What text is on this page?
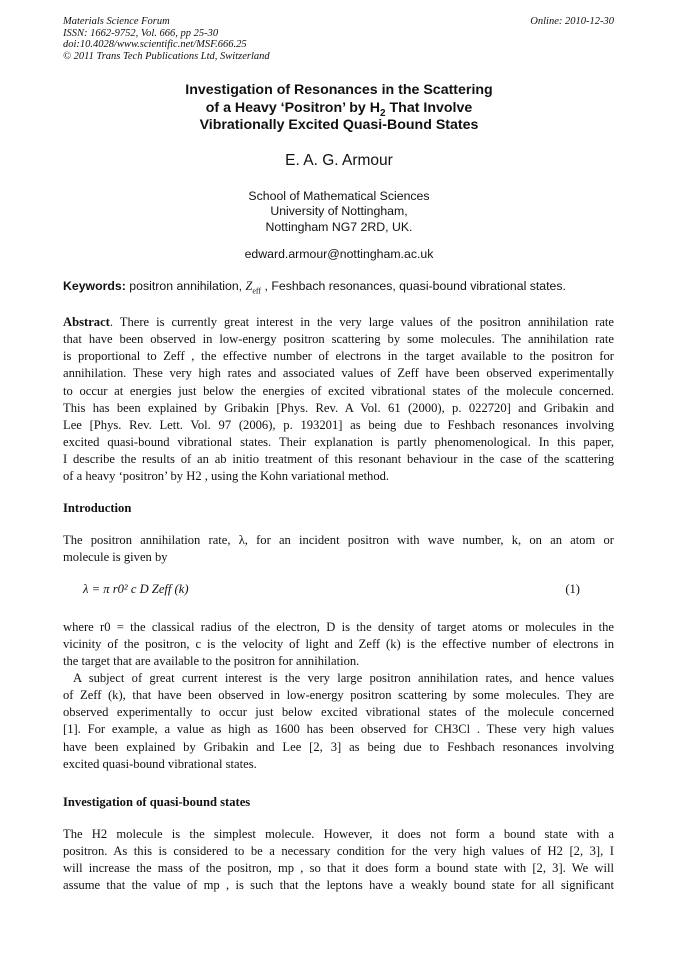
Materials Science Forum
ISSN: 1662-9752, Vol. 666, pp 25-30
doi:10.4028/www.scientific.net/MSF.666.25
© 2011 Trans Tech Publications Ltd, Switzerland
Online: 2010-12-30
Investigation of Resonances in the Scattering
of a Heavy ‘Positron’ by $H_2$ That Involve
Vibrationally Excited Quasi-Bound States
E. A. G. Armour
School of Mathematical Sciences
University of Nottingham,
Nottingham NG7 2RD, UK.
edward.armour@nottingham.ac.uk
Keywords: positron annihilation, $Z_{eff}$ , Feshbach resonances, quasi-bound vibrational states.
Abstract. There is currently great interest in the very large values of the positron annihilation rate
that have been observed in low-energy positron scattering by some molecules. The annihilation rate
is proportional to Zeff , the effective number of electrons in the target available to the positron for
annihilation. These very high rates and associated values of Zeff have been observed experimentally
to occur at energies just below the energies of excited vibrational states of the molecule concerned.
This has been explained by Gribakin [Phys. Rev. A Vol. 61 (2000), p. 022720] and Gribakin and
Lee [Phys. Rev. Lett. Vol. 97 (2006), p. 193201] as being due to Feshbach resonances involving
excited quasi-bound vibrational states. Their explanation is partly phenomenological. In this paper,
I describe the results of an ab initio treatment of this resonant behaviour in the case of the scattering
of a heavy ‘positron’ by H2 , using the Kohn variational method.
Introduction
The positron annihilation rate, λ, for an incident positron with wave number, k, on an atom or
molecule is given by
λ = π r0² c D Zeff (k)	(1)
where r0 = the classical radius of the electron, D is the density of target atoms or molecules in the
vicinity of the positron, c is the velocity of light and Zeff (k) is the effective number of electrons in
the target that are available to the positron for annihilation.
A subject of great current interest is the very large positron annihilation rates, and hence values
of Zeff (k), that have been observed in low-energy positron scattering by some molecules. They are
observed experimentally to occur just below excited vibrational states of the molecule concerned
[1]. For example, a value as high as 1600 has been observed for CH3Cl . These very high values
have been explained by Gribakin and Lee [2, 3] as being due to Feshbach resonances involving
excited quasi-bound vibrational states.
Investigation of quasi-bound states
The H2 molecule is the simplest molecule. However, it does not form a bound state with a
positron. As this is considered to be a necessary condition for the very high values of H2 [2, 3], I
will increase the mass of the positron, mp , so that it does form a bound state with [2, 3]. We will
assume that the value of mp , is such that the leptons have a weakly bound state for all significant
